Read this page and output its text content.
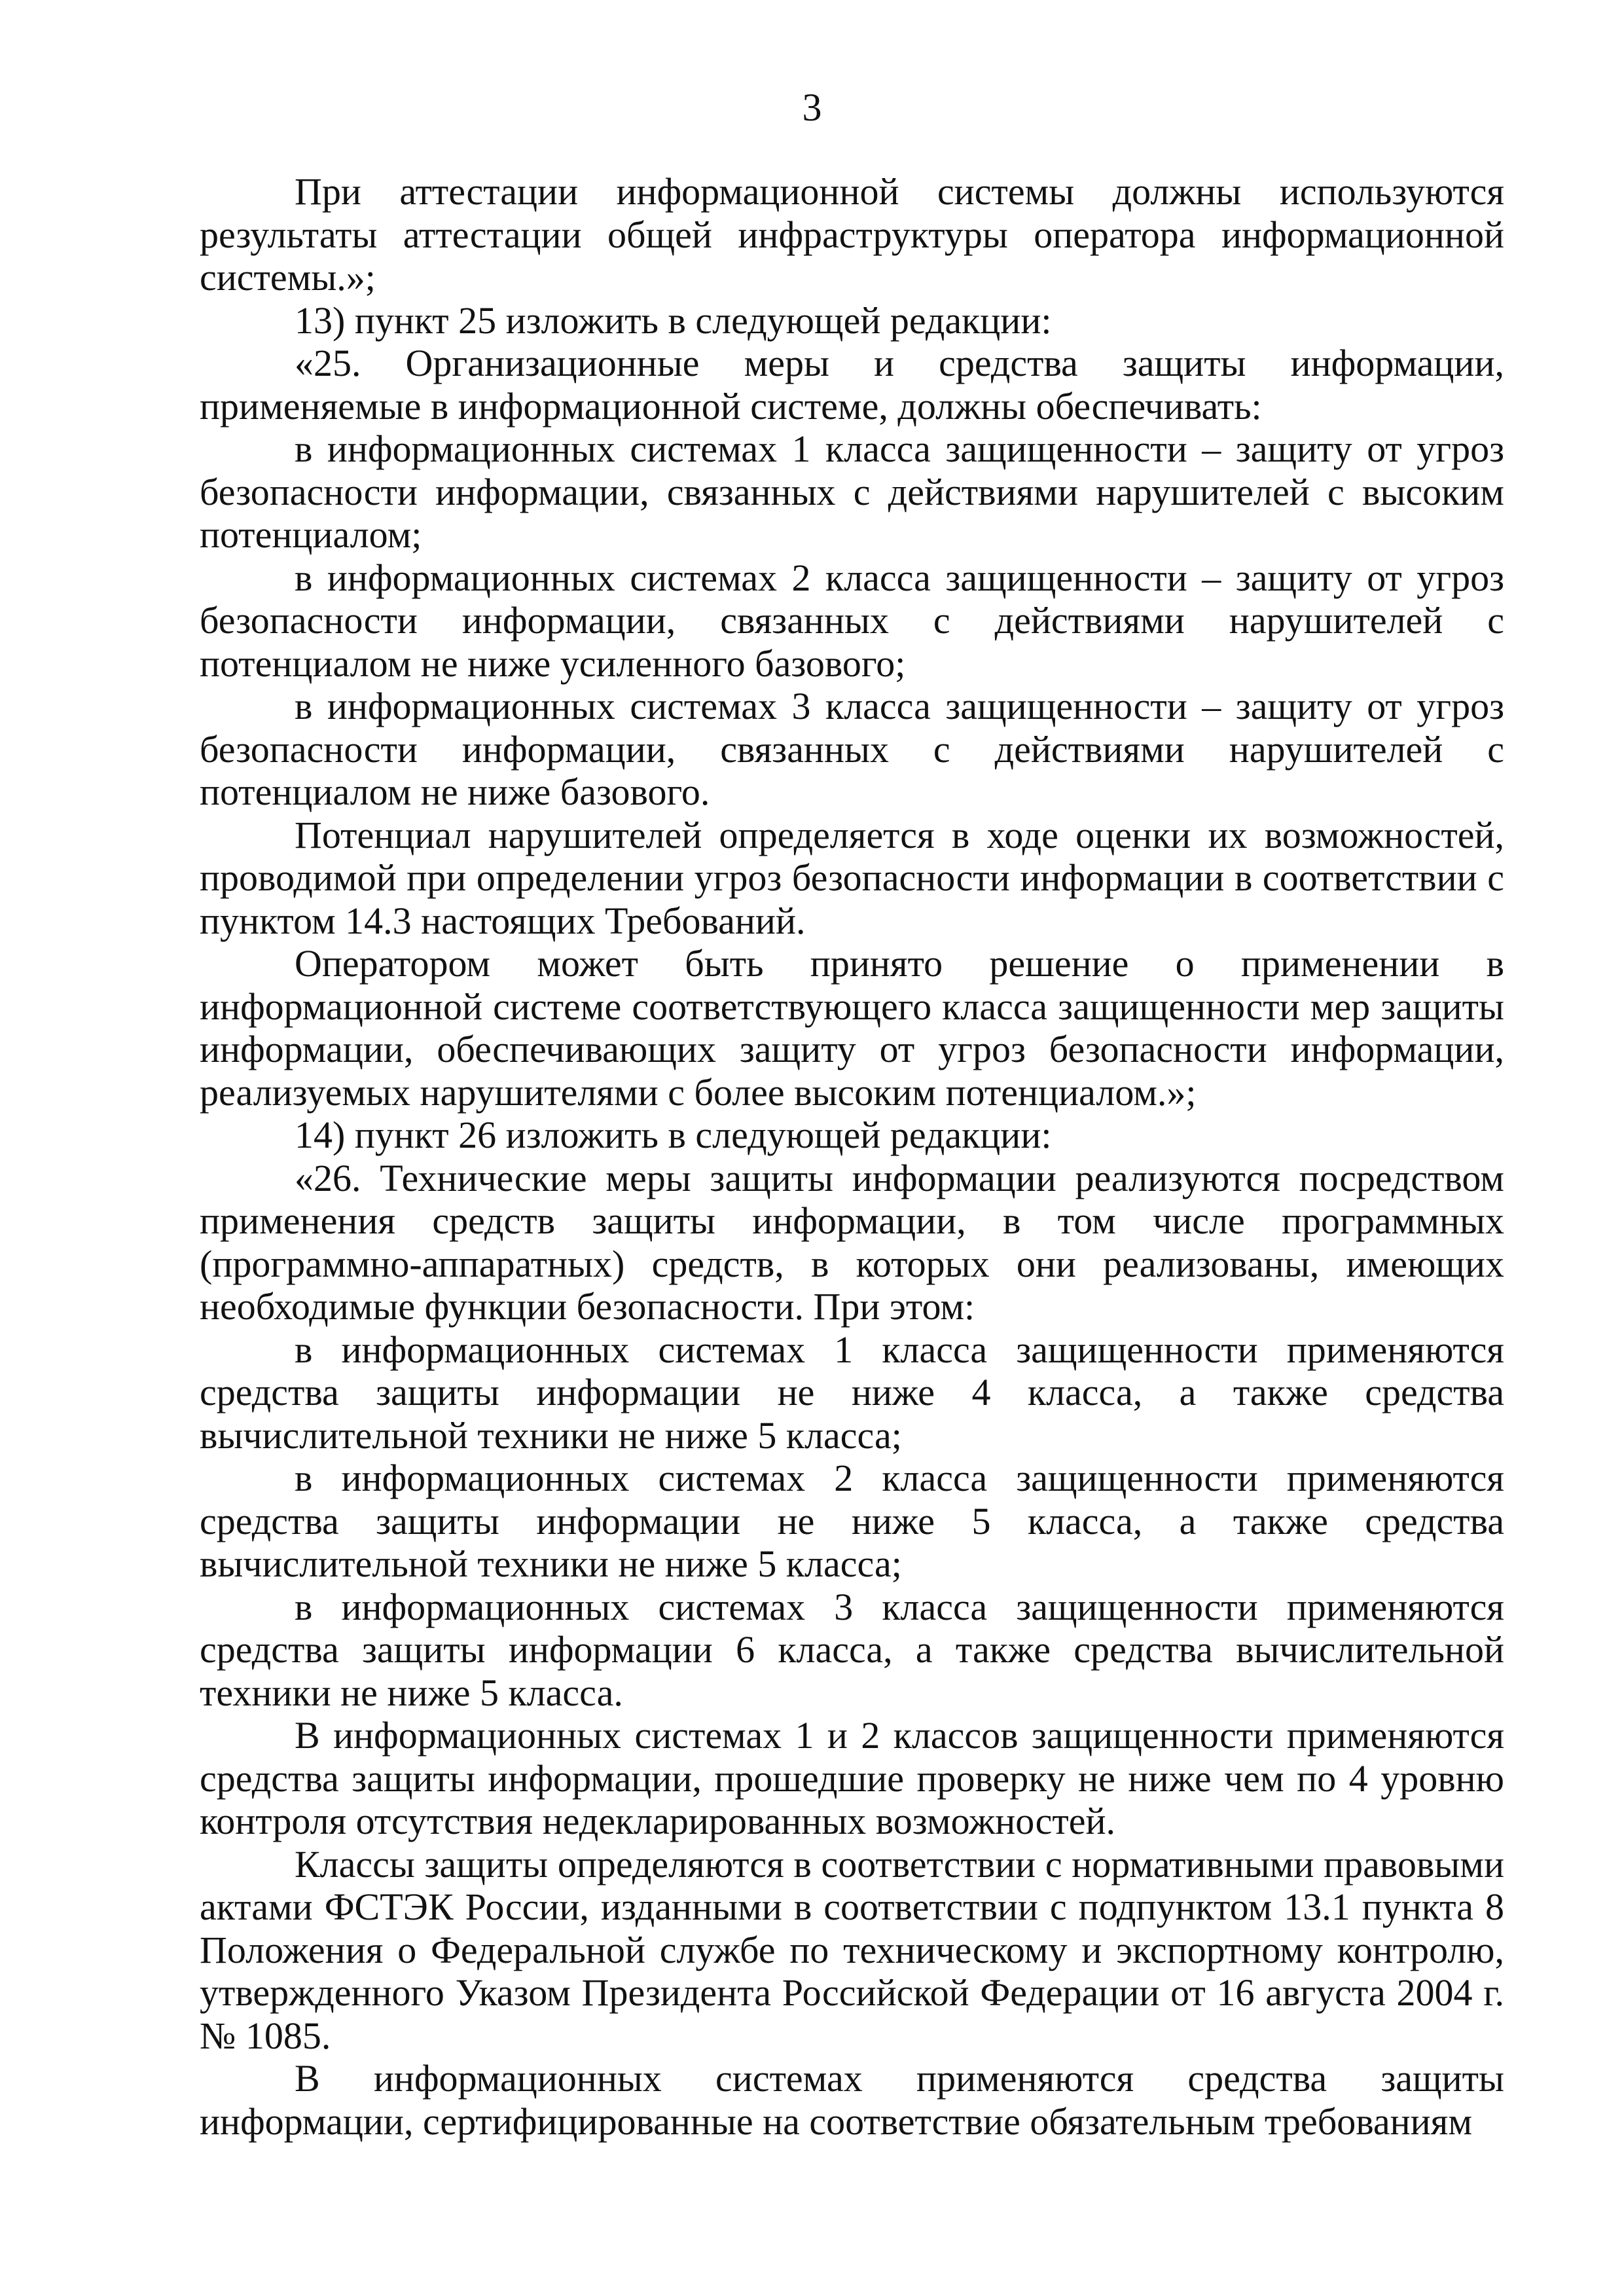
3

При аттестации информационной системы должны используются результаты аттестации общей инфраструктуры оператора информационной системы.»;

13) пункт 25 изложить в следующей редакции:

«25. Организационные меры и средства защиты информации, применяемые в информационной системе, должны обеспечивать:

в информационных системах 1 класса защищенности – защиту от угроз безопасности информации, связанных с действиями нарушителей с высоким потенциалом;

в информационных системах 2 класса защищенности – защиту от угроз безопасности информации, связанных с действиями нарушителей с потенциалом не ниже усиленного базового;

в информационных системах 3 класса защищенности – защиту от угроз безопасности информации, связанных с действиями нарушителей с потенциалом не ниже базового.

Потенциал нарушителей определяется в ходе оценки их возможностей, проводимой при определении угроз безопасности информации в соответствии с пунктом 14.3 настоящих Требований.

Оператором может быть принято решение о применении в информационной системе соответствующего класса защищенности мер защиты информации, обеспечивающих защиту от угроз безопасности информации, реализуемых нарушителями с более высоким потенциалом.»;

14) пункт 26 изложить в следующей редакции:

«26. Технические меры защиты информации реализуются посредством применения средств защиты информации, в том числе программных (программно-аппаратных) средств, в которых они реализованы, имеющих необходимые функции безопасности. При этом:

в информационных системах 1 класса защищенности применяются средства защиты информации не ниже 4 класса, а также средства вычислительной техники не ниже 5 класса;

в информационных системах 2 класса защищенности применяются средства защиты информации не ниже 5 класса, а также средства вычислительной техники не ниже 5 класса;

в информационных системах 3 класса защищенности применяются средства защиты информации 6 класса, а также средства вычислительной техники не ниже 5 класса.

В информационных системах 1 и 2 классов защищенности применяются средства защиты информации, прошедшие проверку не ниже чем по 4 уровню контроля отсутствия недекларированных возможностей.

Классы защиты определяются в соответствии с нормативными правовыми актами ФСТЭК России, изданными в соответствии с подпунктом 13.1 пункта 8 Положения о Федеральной службе по техническому и экспортному контролю, утвержденного Указом Президента Российской Федерации от 16 августа 2004 г. № 1085.

В информационных системах применяются средства защиты информации, сертифицированные на соответствие обязательным требованиям
